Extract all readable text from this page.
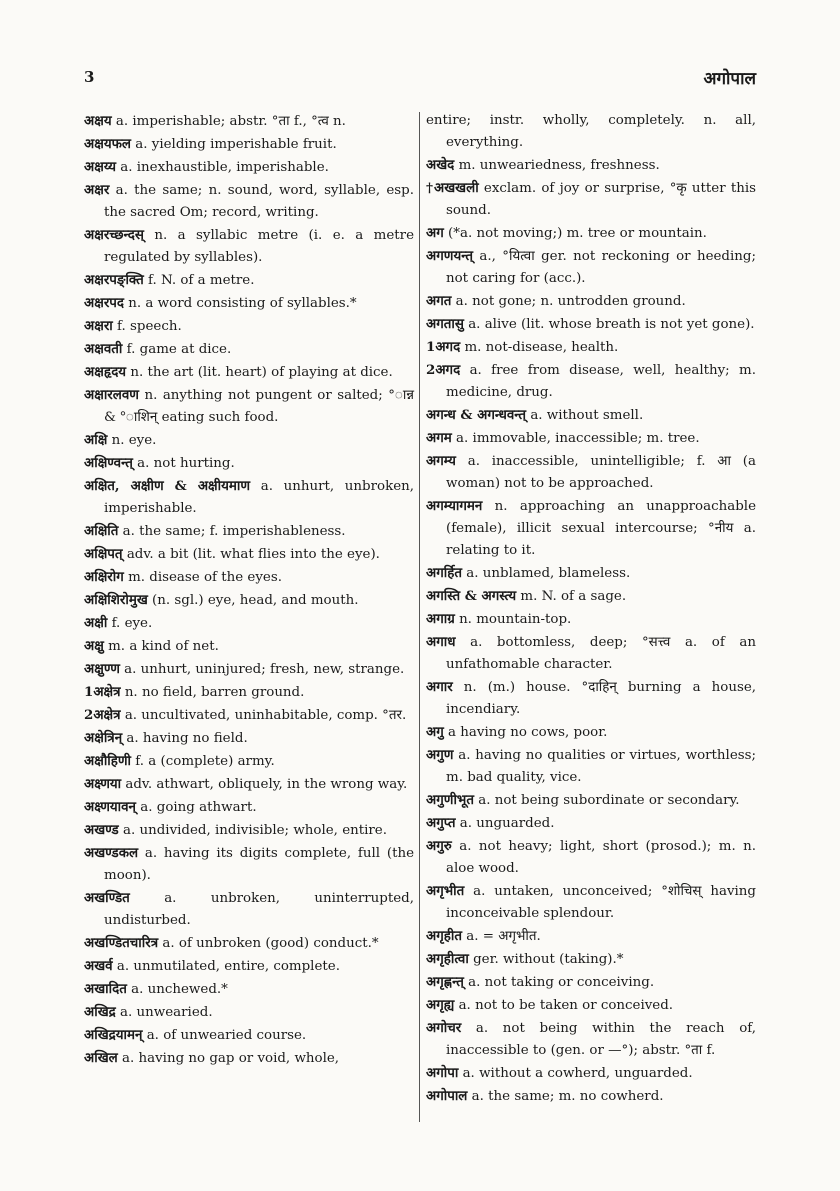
3	अगोपाल
अक्षय a. imperishable; abstr. °ता f., °त्व n.
अक्षयफल a. yielding imperishable fruit.
अक्षय्य a. inexhaustible, imperishable.
अक्षर a. the same; n. sound, word, syllable, esp. the sacred Om; record, writing.
अक्षरच्छन्दस् n. a syllabic metre (i. e. a metre regulated by syllables).
अक्षरपङ्क्ति f. N. of a metre.
अक्षरपद n. a word consisting of syllables.*
अक्षरा f. speech.
अक्षवती f. game at dice.
अक्षहृदय n. the art (lit. heart) of playing at dice.
अक्षारलवण n. anything not pungent or salted; °ान्न & °ाशिन् eating such food.
अक्षि n. eye.
अक्षिण्वन्त् a. not hurting.
अक्षित, अक्षीण & अक्षीयमाण a. unhurt, unbroken, imperishable.
अक्षिति a. the same; f. imperishableness.
अक्षिपत् adv. a bit (lit. what flies into the eye).
अक्षिरोग m. disease of the eyes.
अक्षिशिरोमुख (n. sgl.) eye, head, and mouth.
अक्षी f. eye.
अक्षु m. a kind of net.
अक्षुण्ण a. unhurt, uninjured; fresh, new, strange.
1अक्षेत्र n. no field, barren ground.
2अक्षेत्र a. uncultivated, uninhabitable, comp. °तर.
अक्षेत्रिन् a. having no field.
अक्षौहिणी f. a (complete) army.
अक्ष्णया adv. athwart, obliquely, in the wrong way.
अक्ष्णयावन् a. going athwart.
अखण्ड a. undivided, indivisible; whole, entire.
अखण्डकल a. having its digits complete, full (the moon).
अखण्डित	a. unbroken, uninterrupted, undisturbed.
अखण्डितचारित्र a. of unbroken (good) conduct.*
अखर्व a. unmutilated, entire, complete.
अखादित a. unchewed.*
अखिद्र a. unwearied.
अखिद्रयामन् a. of unwearied course.
अखिल a. having no gap or void, whole,
entire; instr. wholly, completely. n. all, everything.
अखेद m. unweariedness, freshness.
†अखखली exclam. of joy or surprise, °कृ utter this sound.
अग (*a. not moving;) m. tree or mountain.
अगणयन्त् a., °यित्वा ger. not reckoning or heeding; not caring for (acc.).
अगत a. not gone; n. untrodden ground.
अगतासु a. alive (lit. whose breath is not yet gone).
1अगद m. not-disease, health.
2अगद a. free from disease, well, healthy; m. medicine, drug.
अगन्ध & अगन्धवन्त् a. without smell.
अगम a. immovable, inaccessible; m. tree.
अगम्य a. inaccessible, unintelligible; f. आ (a woman) not to be approached.
अगम्यागमन n. approaching an unapproachable (female), illicit sexual intercourse; °नीय a. relating to it.
अगर्हित a. unblamed, blameless.
अगस्ति & अगस्त्य m. N. of a sage.
अगाग्र n. mountain-top.
अगाध a. bottomless, deep; °सत्त्व a. of an unfathomable character.
अगार n. (m.) house. °दाहिन् burning a house, incendiary.
अगु a having no cows, poor.
अगुण a. having no qualities or virtues, worthless; m. bad quality, vice.
अगुणीभूत a. not being subordinate or secondary.
अगुप्त a. unguarded.
अगुरु a. not heavy; light, short (prosod.); m. n. aloe wood.
अगृभीत a. untaken, unconceived; °शोचिस् having inconceivable splendour.
अगृहीत a. = अगृभीत.
अगृहीत्वा ger. without (taking).*
अगृह्णन्त् a. not taking or conceiving.
अगृह्य a. not to be taken or conceived.
अगोचर a. not being within the reach of, inaccessible to (gen. or —°); abstr. °ता f.
अगोपा a. without a cowherd, unguarded.
अगोपाल a. the same; m. no cowherd.
